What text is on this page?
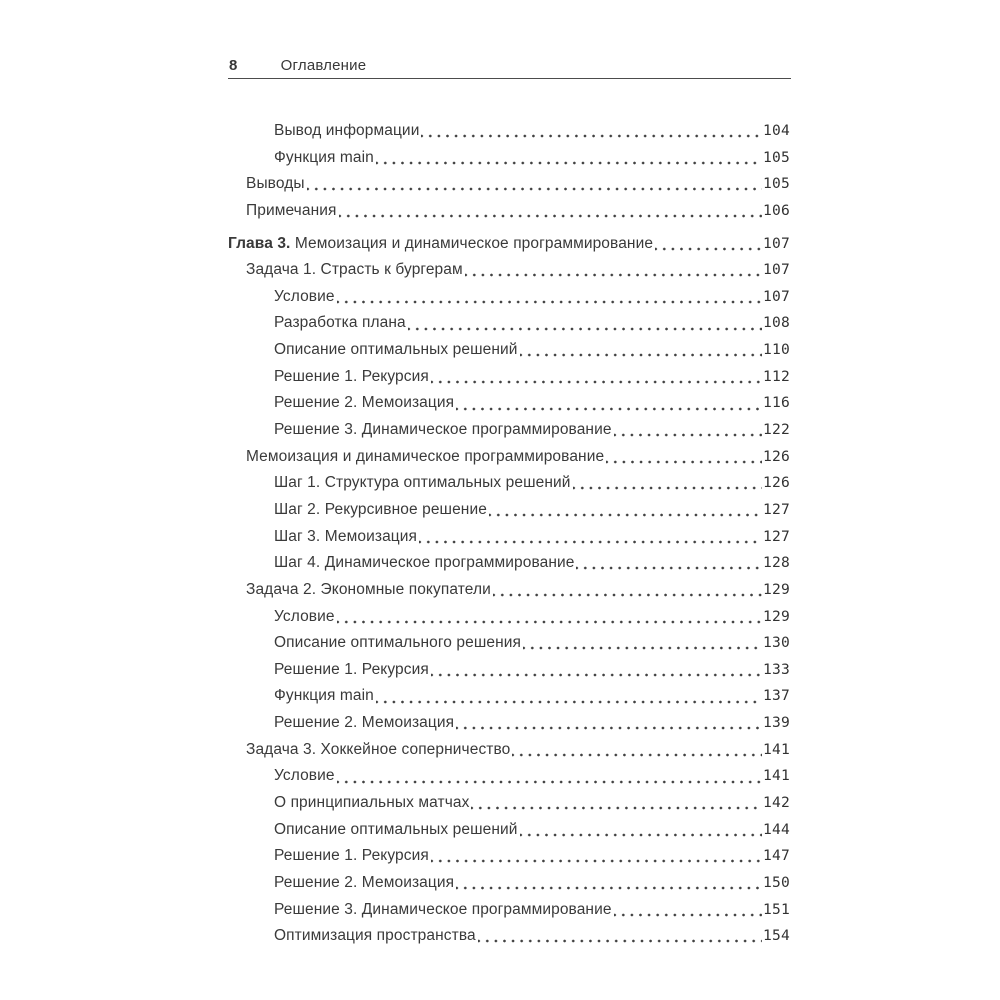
8	Оглавление
Вывод информации	104
Функция main	105
Выводы	105
Примечания	106
Глава 3. Мемоизация и динамическое программирование	107
Задача 1. Страсть к бургерам	107
Условие	107
Разработка плана	108
Описание оптимальных решений	110
Решение 1. Рекурсия	112
Решение 2. Мемоизация	116
Решение 3. Динамическое программирование	122
Мемоизация и динамическое программирование	126
Шаг 1. Структура оптимальных решений	126
Шаг 2. Рекурсивное решение	127
Шаг 3. Мемоизация	127
Шаг 4. Динамическое программирование	128
Задача 2. Экономные покупатели	129
Условие	129
Описание оптимального решения	130
Решение 1. Рекурсия	133
Функция main	137
Решение 2. Мемоизация	139
Задача 3. Хоккейное соперничество	141
Условие	141
О принципиальных матчах	142
Описание оптимальных решений	144
Решение 1. Рекурсия	147
Решение 2. Мемоизация	150
Решение 3. Динамическое программирование	151
Оптимизация пространства	154
